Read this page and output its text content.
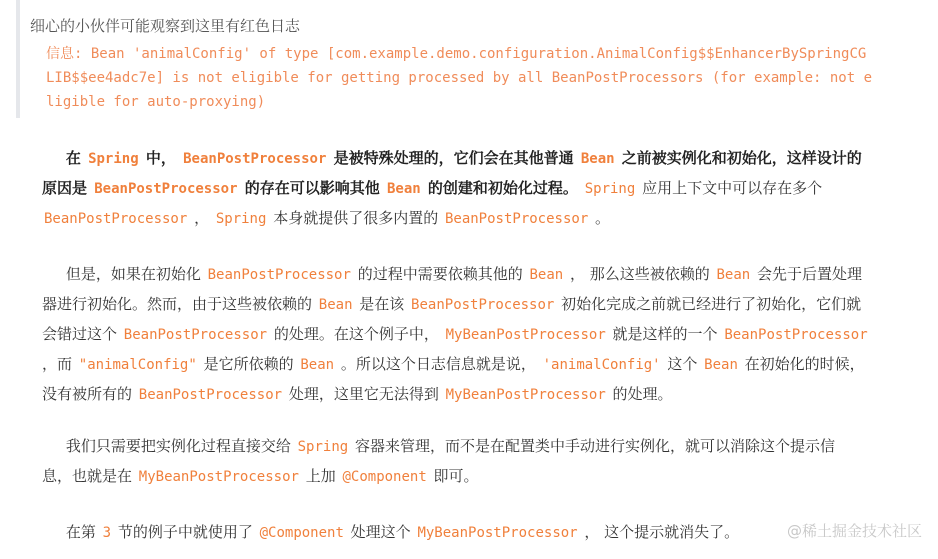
细心的小伙伴可能观察到这里有红色日志
信息: Bean 'animalConfig' of type [com.example.demo.configuration.AnimalConfig$$EnhancerBySpringCG
LIB$$ee4adc7e] is not eligible for getting processed by all BeanPostProcessors (for example: not e
ligible for auto-proxying)
在 Spring 中， BeanPostProcessor 是被特殊处理的，它们会在其他普通 Bean 之前被实例化和初始化，这样设计的
原因是 BeanPostProcessor 的存在可以影响其他 Bean 的创建和初始化过程。 Spring 应用上下文中可以存在多个
BeanPostProcessor ， Spring 本身就提供了很多内置的 BeanPostProcessor 。
但是，如果在初始化 BeanPostProcessor 的过程中需要依赖其他的 Bean ， 那么这些被依赖的 Bean 会先于后置处理
器进行初始化。然而，由于这些被依赖的 Bean 是在该 BeanPostProcessor 初始化完成之前就已经进行了初始化，它们就
会错过这个 BeanPostProcessor 的处理。在这个例子中， MyBeanPostProcessor 就是这样的一个 BeanPostProcessor
，而 "animalConfig" 是它所依赖的 Bean 。所以这个日志信息就是说， 'animalConfig' 这个 Bean 在初始化的时候，
没有被所有的 BeanPostProcessor 处理，这里它无法得到 MyBeanPostProcessor 的处理。
我们只需要把实例化过程直接交给 Spring 容器来管理，而不是在配置类中手动进行实例化，就可以消除这个提示信
息，也就是在 MyBeanPostProcessor 上加 @Component 即可。
在第 3 节的例子中就使用了 @Component 处理这个 MyBeanPostProcessor ， 这个提示就消失了。	@稀土掘金技术社区
